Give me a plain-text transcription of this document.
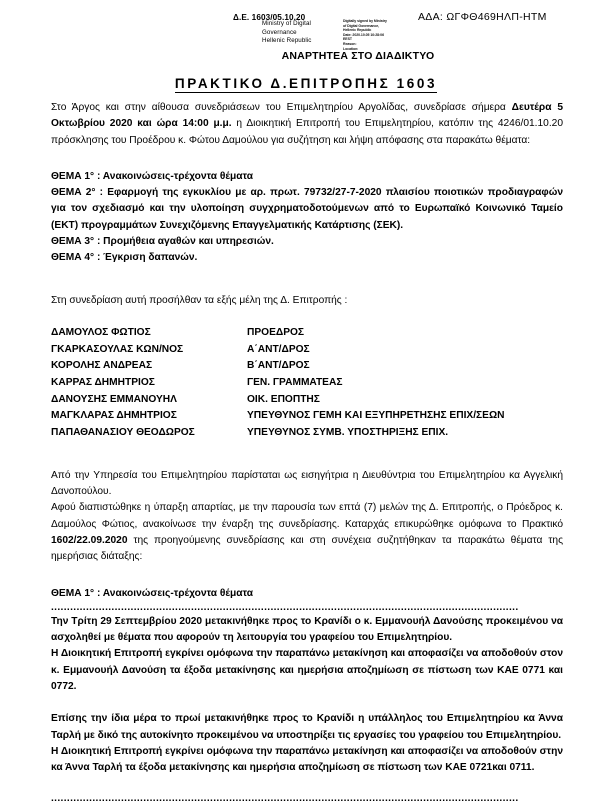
ΑΔΑ: ΩΓΦΘ469ΗΛΠ-ΗΤΜ
Δ.Ε. 1603/05.10.20
Ministry of Digital
Governance
Hellenic Republic
Digitally signed by Ministry
of Digital Governance,
Hellenic Republic
Date: 2020.10.05 10:28:06
EEST
Reason:
Location:
ΑΝΑΡΤΗΤΕΑ ΣΤΟ ΔΙΑΔΙΚΤΥΟ
ΠΡΑΚΤΙΚΟ Δ.ΕΠΙΤΡΟΠΗΣ 1603

Στο Άργος και στην αίθουσα συνεδριάσεων του Επιμελητηρίου Αργολίδας, συνεδρίασε σήμερα Δευτέρα 5 Οκτωβρίου 2020 και ώρα 14:00 μ.μ. η Διοικητική Επιτροπή του Επιμελητηρίου, κατόπιν της 4246/01.10.20 πρόσκλησης του Προέδρου κ. Φώτου Δαμούλου για συζήτηση και λήψη απόφασης στα παρακάτω θέματα:

ΘΕΜΑ 1° : Ανακοινώσεις-τρέχοντα θέματα

ΘΕΜΑ 2° : Εφαρμογή της εγκυκλίου με αρ. πρωτ. 79732/27-7-2020 πλαισίου ποιοτικών προδιαγραφών για τον σχεδιασμό και την υλοποίηση συγχρηματοδοτούμενων από το Ευρωπαϊκό Κοινωνικό Ταμείο (ΕΚΤ) προγραμμάτων Συνεχιζόμενης Επαγγελματικής Κατάρτισης (ΣΕΚ).

ΘΕΜΑ 3° : Προμήθεια αγαθών και υπηρεσιών.

ΘΕΜΑ 4° : Έγκριση δαπανών.

Στη συνεδρίαση αυτή προσήλθαν τα εξής μέλη της Δ. Επιτροπής :

ΔΑΜΟΥΛΟΣ ΦΩΤΙΟΣ	ΠΡΟΕΔΡΟΣ
ΓΚΑΡΚΑΣΟΥΛΑΣ ΚΩΝ/ΝΟΣ	Α΄ΑΝΤ/ΔΡΟΣ
ΚΟΡΟΛΗΣ ΑΝΔΡΕΑΣ	Β΄ΑΝΤ/ΔΡΟΣ
ΚΑΡΡΑΣ ΔΗΜΗΤΡΙΟΣ	ΓΕΝ. ΓΡΑΜΜΑΤΕΑΣ
ΔΑΝΟΥΣΗΣ ΕΜΜΑΝΟΥΗΛ	ΟΙΚ. ΕΠΟΠΤΗΣ
ΜΑΓΚΛΑΡΑΣ ΔΗΜΗΤΡΙΟΣ	ΥΠΕΥΘΥΝΟΣ ΓΕΜΗ ΚΑΙ ΕΞΥΠΗΡΕΤΗΣΗΣ ΕΠΙΧ/ΣΕΩΝ
ΠΑΠΑΘΑΝΑΣΙΟΥ ΘΕΟΔΩΡΟΣ	ΥΠΕΥΘΥΝΟΣ ΣΥΜΒ. ΥΠΟΣΤΗΡΙΞΗΣ ΕΠΙΧ.

Από την Υπηρεσία του Επιμελητηρίου παρίσταται ως εισηγήτρια η Διευθύντρια του Επιμελητηρίου κα Αγγελική Δανοπούλου.

Αφού διαπιστώθηκε η ύπαρξη απαρτίας, με την παρουσία των επτά (7) μελών της Δ. Επιτροπής, ο Πρόεδρος κ. Δαμούλος Φώτιος, ανακοίνωσε την έναρξη της συνεδρίασης. Καταρχάς επικυρώθηκε ομόφωνα το Πρακτικό 1602/22.09.2020 της προηγούμενης συνεδρίασης και στη συνέχεια συζητήθηκαν τα παρακάτω θέματα της ημερήσιας διάταξης:

ΘΕΜΑ 1° : Ανακοινώσεις-τρέχοντα θέματα

...................................................................................................................................................

Την Τρίτη 29 Σεπτεμβρίου 2020 μετακινήθηκε προς το Κρανίδι ο κ. Εμμανουήλ Δανούσης προκειμένου να ασχοληθεί με θέματα που αφορούν τη λειτουργία του γραφείου του Επιμελητηρίου.

Η Διοικητική Επιτροπή εγκρίνει ομόφωνα την παραπάνω μετακίνηση και αποφασίζει να αποδοθούν στον κ. Εμμανουήλ Δανούση τα έξοδα μετακίνησης και ημερήσια αποζημίωση σε πίστωση των ΚΑΕ 0771 και 0772.

Επίσης την ίδια μέρα το πρωί μετακινήθηκε προς το Κρανίδι η υπάλληλος του Επιμελητηρίου κα Άννα Ταρλή με δικό της αυτοκίνητο προκειμένου να υποστηρίξει τις εργασίες του γραφείου του Επιμελητηρίου.

Η Διοικητική Επιτροπή εγκρίνει ομόφωνα την παραπάνω μετακίνηση και αποφασίζει να αποδοθούν στην κα Άννα Ταρλή τα έξοδα μετακίνησης και ημερήσια αποζημίωση σε πίστωση των ΚΑΕ 0721και 0711.

...................................................................................................................................................
